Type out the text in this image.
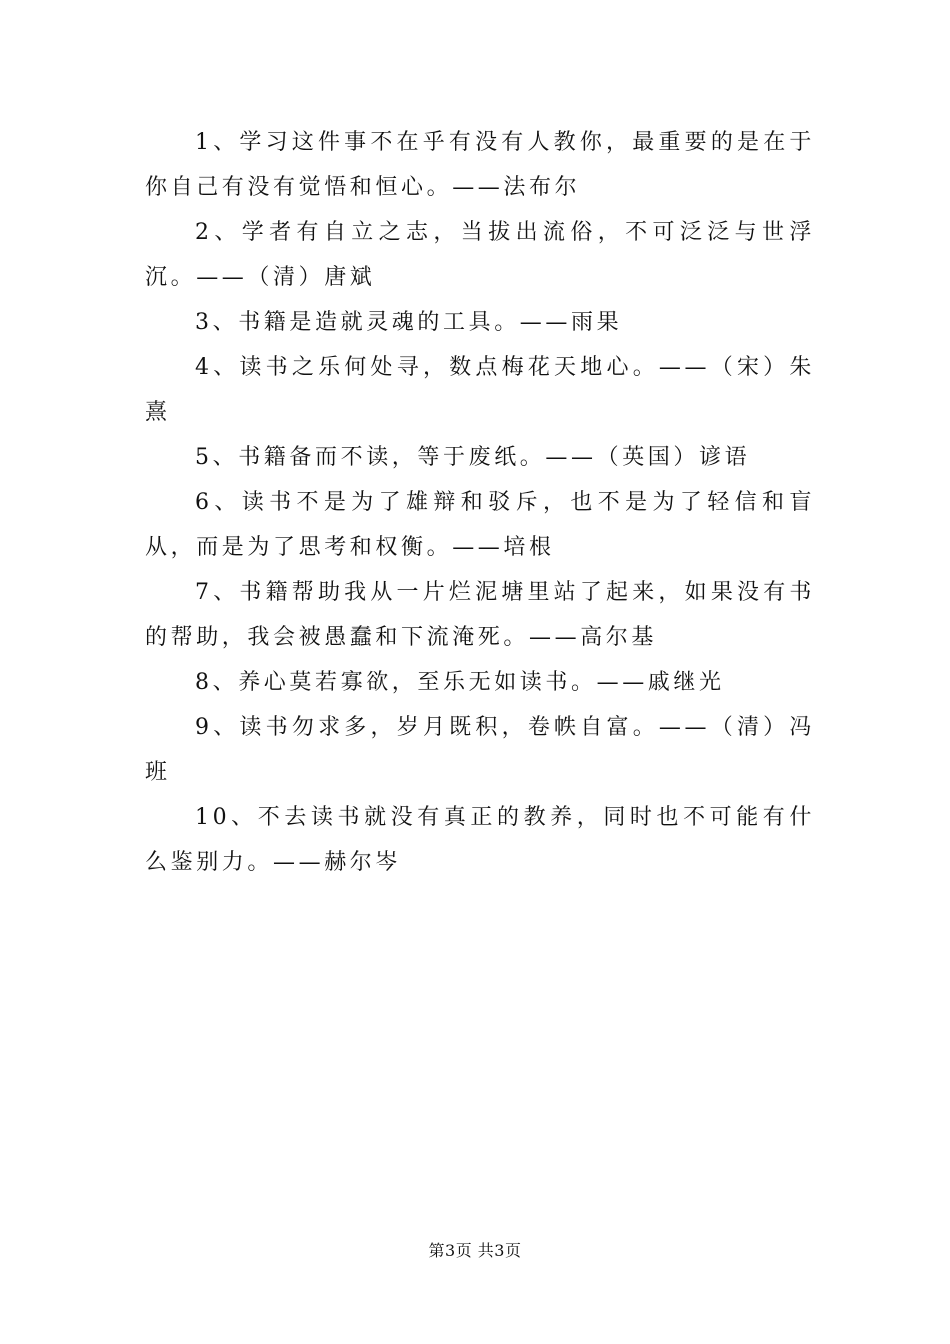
1、学习这件事不在乎有没有人教你，最重要的是在于你自己有没有觉悟和恒心。——法布尔

2、学者有自立之志，当拔出流俗，不可泛泛与世浮沉。——（清）唐斌

3、书籍是造就灵魂的工具。——雨果

4、读书之乐何处寻，数点梅花天地心。——（宋）朱熹

5、书籍备而不读，等于废纸。——（英国）谚语

6、读书不是为了雄辩和驳斥，也不是为了轻信和盲从，而是为了思考和权衡。——培根

7、书籍帮助我从一片烂泥塘里站了起来，如果没有书的帮助，我会被愚蠢和下流淹死。——高尔基

8、养心莫若寡欲，至乐无如读书。——戚继光

9、读书勿求多，岁月既积，卷帙自富。——（清）冯班

10、不去读书就没有真正的教养，同时也不可能有什么鉴别力。——赫尔岑

第3页 共3页
